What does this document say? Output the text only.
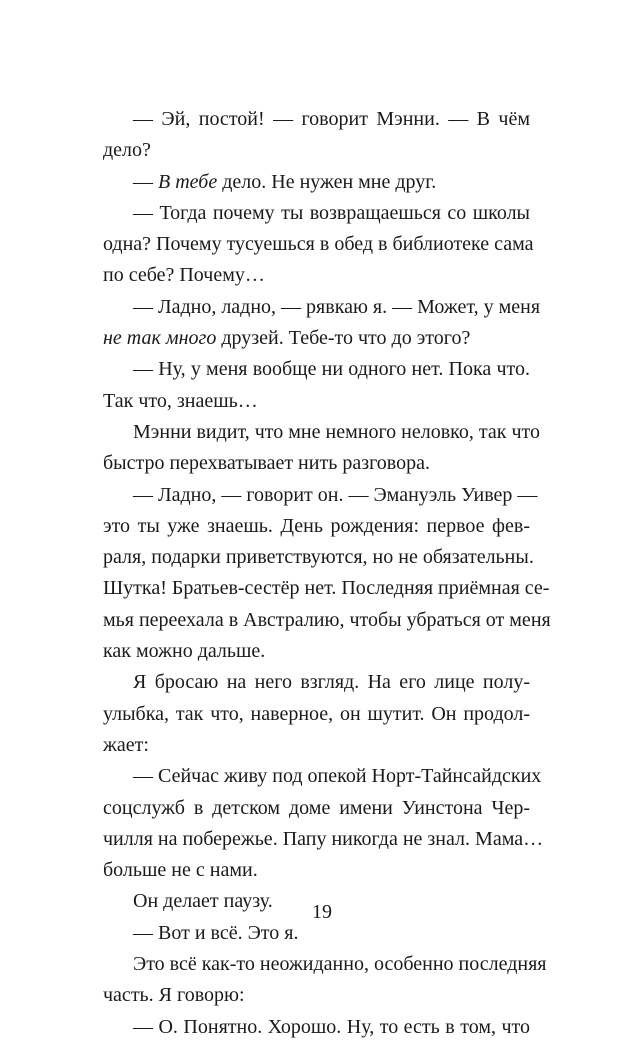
— Эй, постой! — говорит Мэнни. — В чём
дело?
— В тебе дело. Не нужен мне друг.
— Тогда почему ты возвращаешься со школы
одна? Почему тусуешься в обед в библиотеке сама
по себе? Почему…
— Ладно, ладно, — рявкаю я. — Может, у меня
не так много друзей. Тебе-то что до этого?
— Ну, у меня вообще ни одного нет. Пока что.
Так что, знаешь…
Мэнни видит, что мне немного неловко, так что
быстро перехватывает нить разговора.
— Ладно, — говорит он. — Эмануэль Уивер —
это ты уже знаешь. День рождения: первое фев-
раля, подарки приветствуются, но не обязательны.
Шутка! Братьев-сестёр нет. Последняя приёмная се-
мья переехала в Австралию, чтобы убраться от меня
как можно дальше.
Я бросаю на него взгляд. На его лице полу-
улыбка, так что, наверное, он шутит. Он продол-
жает:
— Сейчас живу под опекой Норт-Тайнсайдских
соцслужб в детском доме имени Уинстона Чер-
чилля на побережье. Папу никогда не знал. Мама…
больше не с нами.
Он делает паузу.
— Вот и всё. Это я.
Это всё как-то неожиданно, особенно последняя
часть. Я говорю:
— О. Понятно. Хорошо. Ну, то есть в том, что
19
